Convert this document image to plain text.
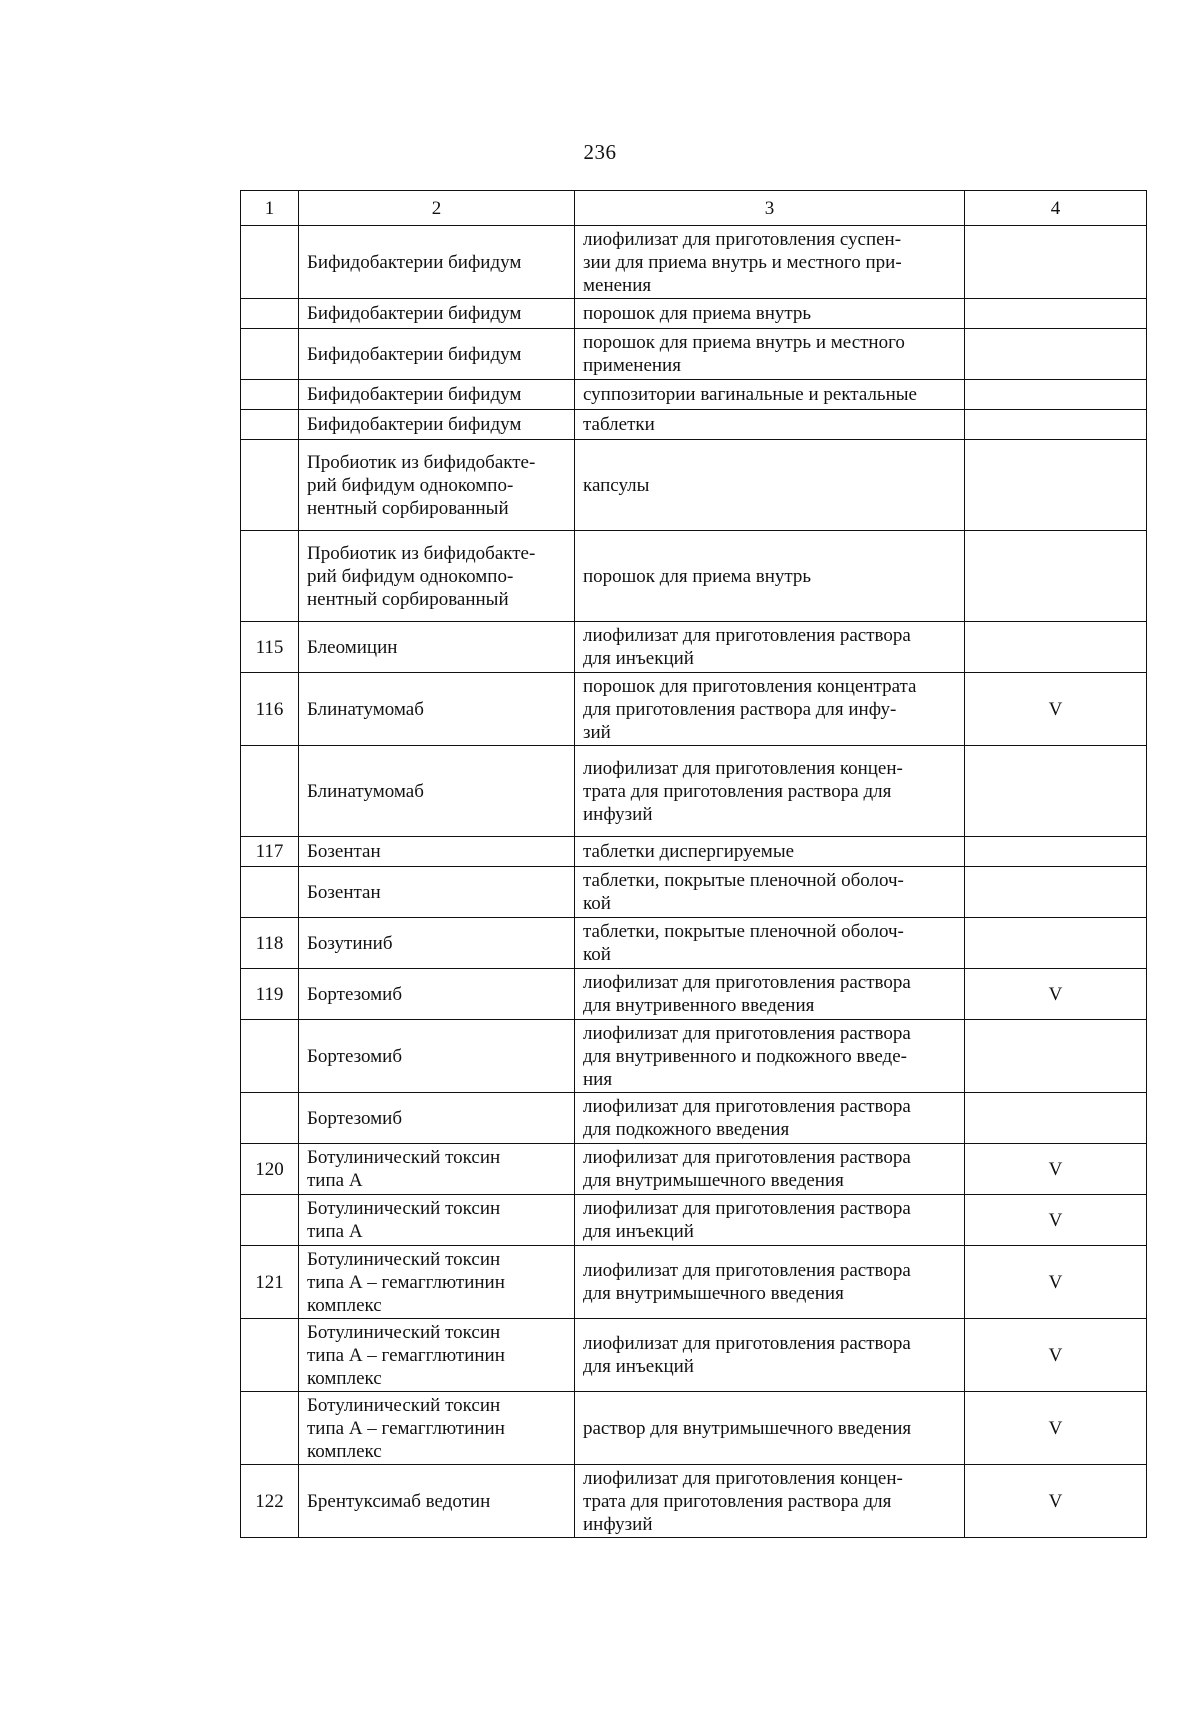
236
1	2	3	4
	Бифидобактерии бифидум	лиофилизат для приготовления суспен-
зии для приема внутрь и местного при-
менения	
	Бифидобактерии бифидум	порошок для приема внутрь	
	Бифидобактерии бифидум	порошок для приема внутрь и местного
применения	
	Бифидобактерии бифидум	суппозитории вагинальные и ректальные	
	Бифидобактерии бифидум	таблетки	
	Пробиотик из бифидобакте-
рий бифидум однокомпо-
нентный сорбированный	капсулы	
	Пробиотик из бифидобакте-
рий бифидум однокомпо-
нентный сорбированный	порошок для приема внутрь	
115	Блеомицин	лиофилизат для приготовления раствора
для инъекций	
116	Блинатумомаб	порошок для приготовления концентрата
для приготовления раствора для инфу-
зий	V
	Блинатумомаб	лиофилизат для приготовления концен-
трата для приготовления раствора для
инфузий	
117	Бозентан	таблетки диспергируемые	
	Бозентан	таблетки, покрытые пленочной оболоч-
кой	
118	Бозутиниб	таблетки, покрытые пленочной оболоч-
кой	
119	Бортезомиб	лиофилизат для приготовления раствора
для внутривенного введения	V
	Бортезомиб	лиофилизат для приготовления раствора
для внутривенного и подкожного введе-
ния	
	Бортезомиб	лиофилизат для приготовления раствора
для подкожного введения	
120	Ботулинический токсин
типа А	лиофилизат для приготовления раствора
для внутримышечного введения	V
	Ботулинический токсин
типа А	лиофилизат для приготовления раствора
для инъекций	V
121	Ботулинический токсин
типа А – гемагглютинин
комплекс	лиофилизат для приготовления раствора
для внутримышечного введения	V
	Ботулинический токсин
типа А – гемагглютинин
комплекс	лиофилизат для приготовления раствора
для инъекций	V
	Ботулинический токсин
типа А – гемагглютинин
комплекс	раствор для внутримышечного введения	V
122	Брентуксимаб ведотин	лиофилизат для приготовления концен-
трата для приготовления раствора для
инфузий	V
